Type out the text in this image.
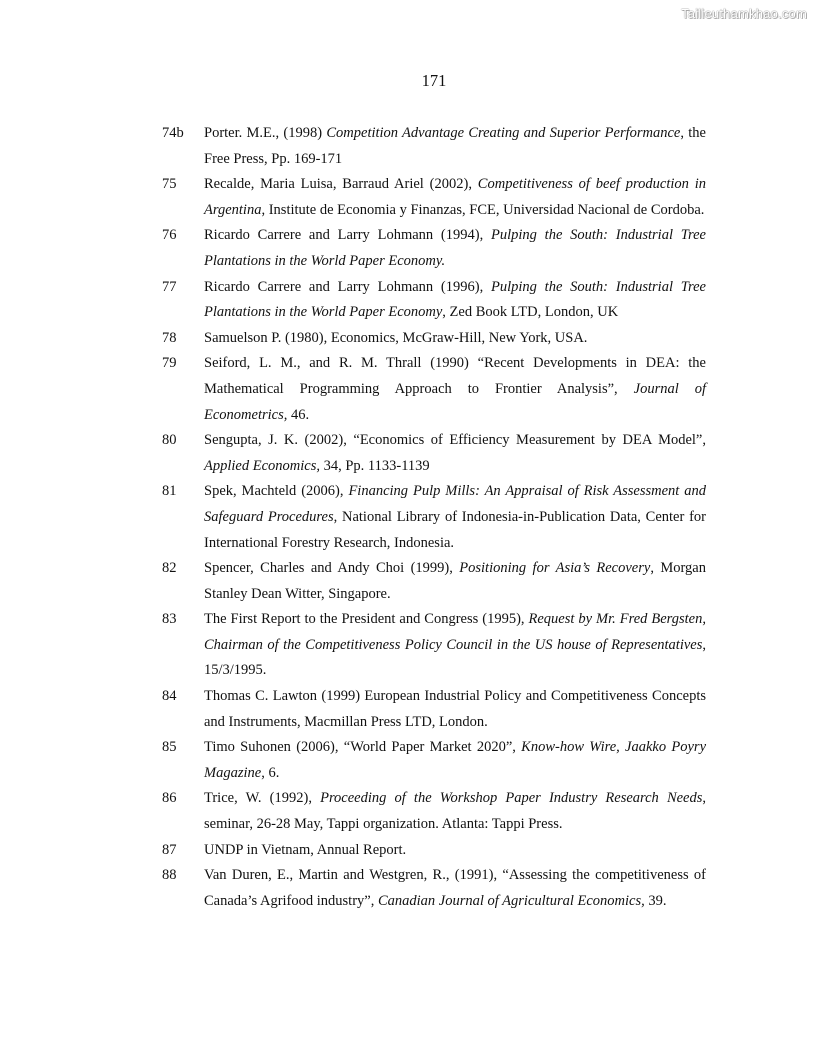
Tailieuthamkhao.com
171
74b	Porter. M.E., (1998) Competition Advantage Creating and Superior Performance, the Free Press, Pp. 169-171
75	Recalde, Maria Luisa, Barraud Ariel (2002), Competitiveness of beef production in Argentina, Institute de Economia y Finanzas, FCE, Universidad Nacional de Cordoba.
76	Ricardo Carrere and Larry Lohmann (1994), Pulping the South: Industrial Tree Plantations in the World Paper Economy.
77	Ricardo Carrere and Larry Lohmann (1996), Pulping the South: Industrial Tree Plantations in the World Paper Economy, Zed Book LTD, London, UK
78	Samuelson P. (1980), Economics, McGraw-Hill, New York, USA.
79	Seiford, L. M., and R. M. Thrall (1990) “Recent Developments in DEA: the Mathematical Programming Approach to Frontier Analysis”, Journal of Econometrics, 46.
80	Sengupta, J. K. (2002), “Economics of Efficiency Measurement by DEA Model”, Applied Economics, 34, Pp. 1133-1139
81	Spek, Machteld (2006), Financing Pulp Mills: An Appraisal of Risk Assessment and Safeguard Procedures, National Library of Indonesia-in-Publication Data, Center for International Forestry Research, Indonesia.
82	Spencer, Charles and Andy Choi (1999), Positioning for Asia’s Recovery, Morgan Stanley Dean Witter, Singapore.
83	The First Report to the President and Congress (1995), Request by Mr. Fred Bergsten, Chairman of the Competitiveness Policy Council in the US house of Representatives, 15/3/1995.
84	Thomas C. Lawton (1999) European Industrial Policy and Competitiveness Concepts and Instruments, Macmillan Press LTD, London.
85	Timo Suhonen (2006), “World Paper Market 2020”, Know-how Wire, Jaakko Poyry Magazine, 6.
86	Trice, W. (1992), Proceeding of the Workshop Paper Industry Research Needs, seminar, 26-28 May, Tappi organization. Atlanta: Tappi Press.
87	UNDP in Vietnam, Annual Report.
88	Van Duren, E., Martin and Westgren, R., (1991), “Assessing the competitiveness of Canada’s Agrifood industry”, Canadian Journal of Agricultural Economics, 39.
